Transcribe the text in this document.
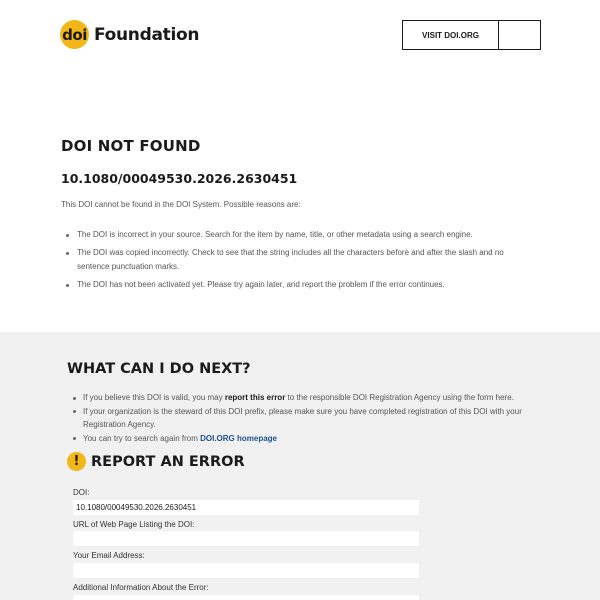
doi Foundation	VISIT DOI.ORG
DOI NOT FOUND
10.1080/00049530.2026.2630451

This DOI cannot be found in the DOI System. Possible reasons are:

The DOI is incorrect in your source. Search for the item by name, title, or other metadata using a search engine.
The DOI was copied incorrectly. Check to see that the string includes all the characters before and after the slash and no sentence punctuation marks.
The DOI has not been activated yet. Please try again later, and report the problem if the error continues.
WHAT CAN I DO NEXT?
If you believe this DOI is valid, you may report this error to the responsible DOI Registration Agency using the form here.
If your organization is the steward of this DOI prefix, please make sure you have completed registration of this DOI with your Registration Agency.
You can try to search again from DOI.ORG homepage
! REPORT AN ERROR
DOI:
10.1080/00049530.2026.2630451
URL of Web Page Listing the DOI:
Your Email Address:
Additional Information About the Error:
